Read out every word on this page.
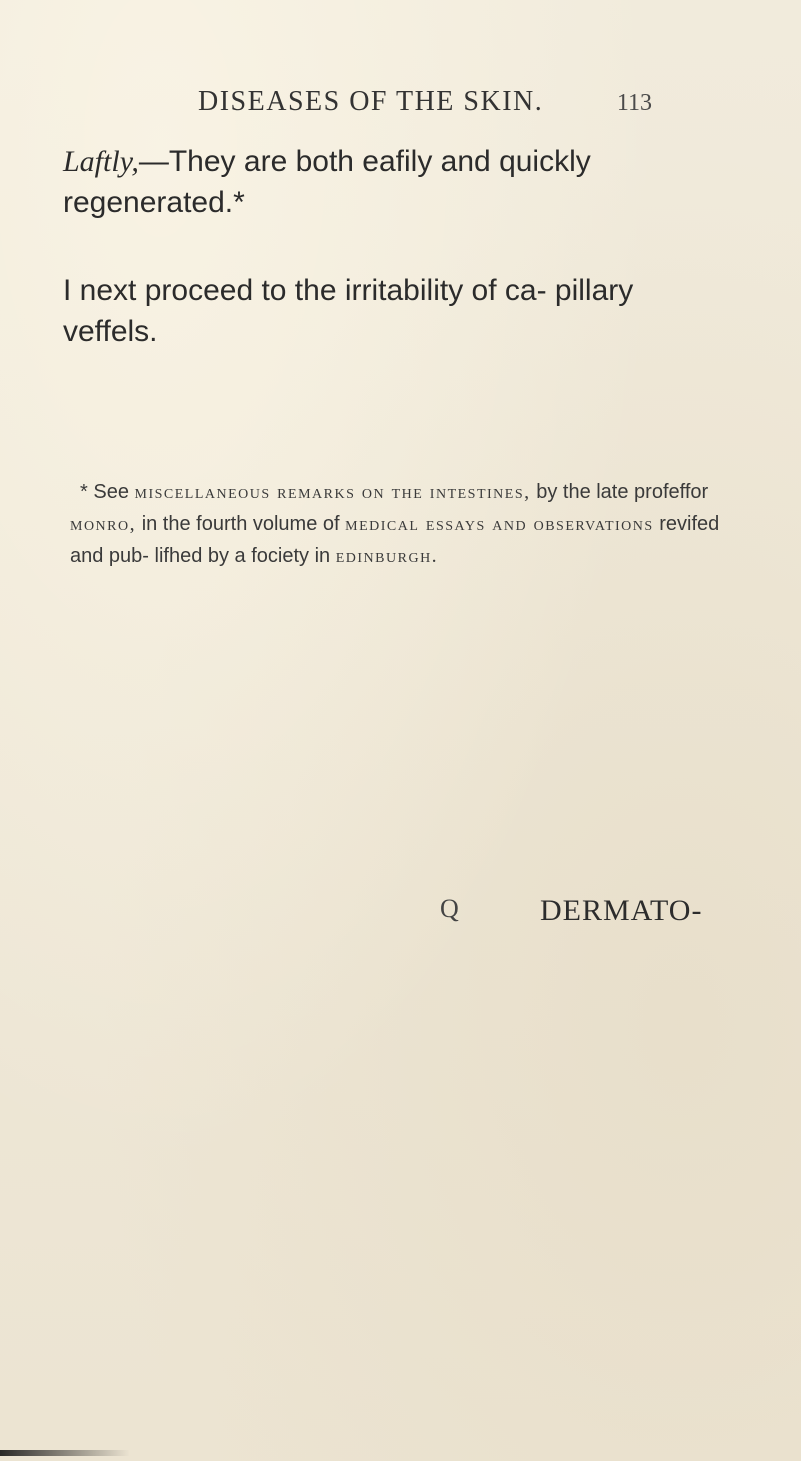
DISEASES OF THE SKIN.	113
Laftly,—They are both eafily and quickly regenerated.*
I next proceed to the irritability of ca- pillary veffels.
* See miscellaneous remarks on the intestines, by the late profeffor monro, in the fourth volume of medical essays and observations revifed and pub- lifhed by a fociety in edinburgh.
Q	DERMATO-
